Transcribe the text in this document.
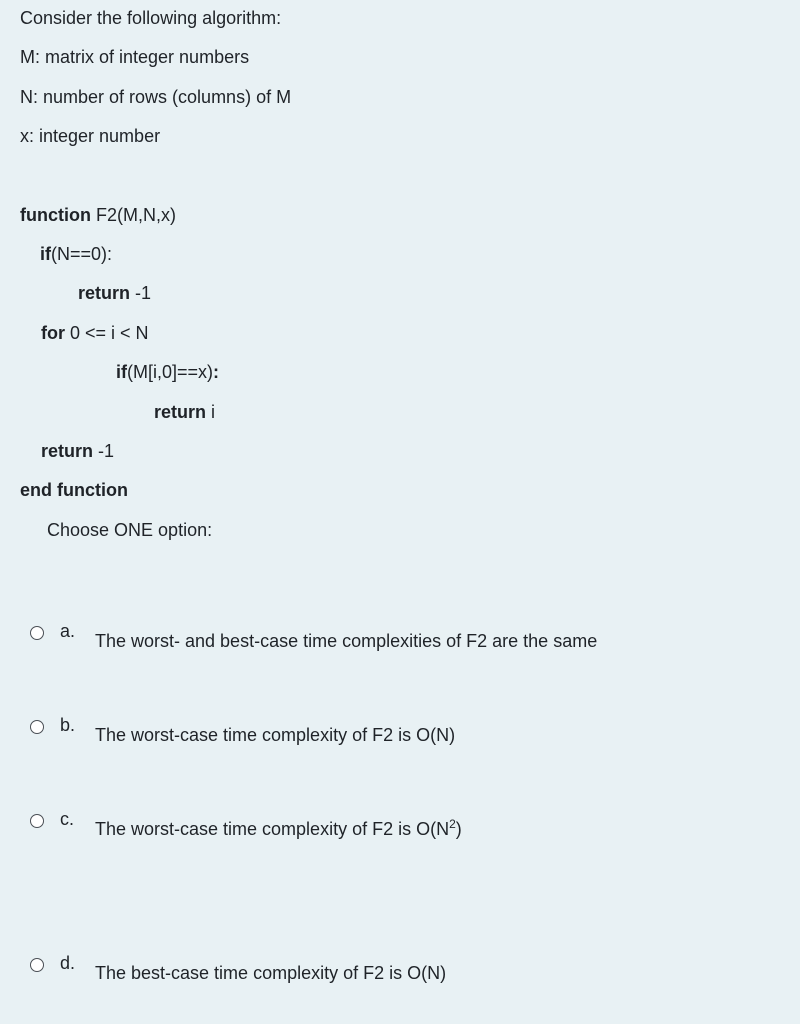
Consider the following algorithm:
M: matrix of integer numbers
N: number of rows (columns) of M
x: integer number
function F2(M,N,x)
if(N==0):
return -1
for 0 <= i < N
if(M[i,0]==x):
return i
return -1
end function
Choose ONE option:
a. The worst- and best-case time complexities of F2 are the same
b. The worst-case time complexity of F2 is O(N)
c. The worst-case time complexity of F2 is $O(N^2)$
d. The best-case time complexity of F2 is O(N)
